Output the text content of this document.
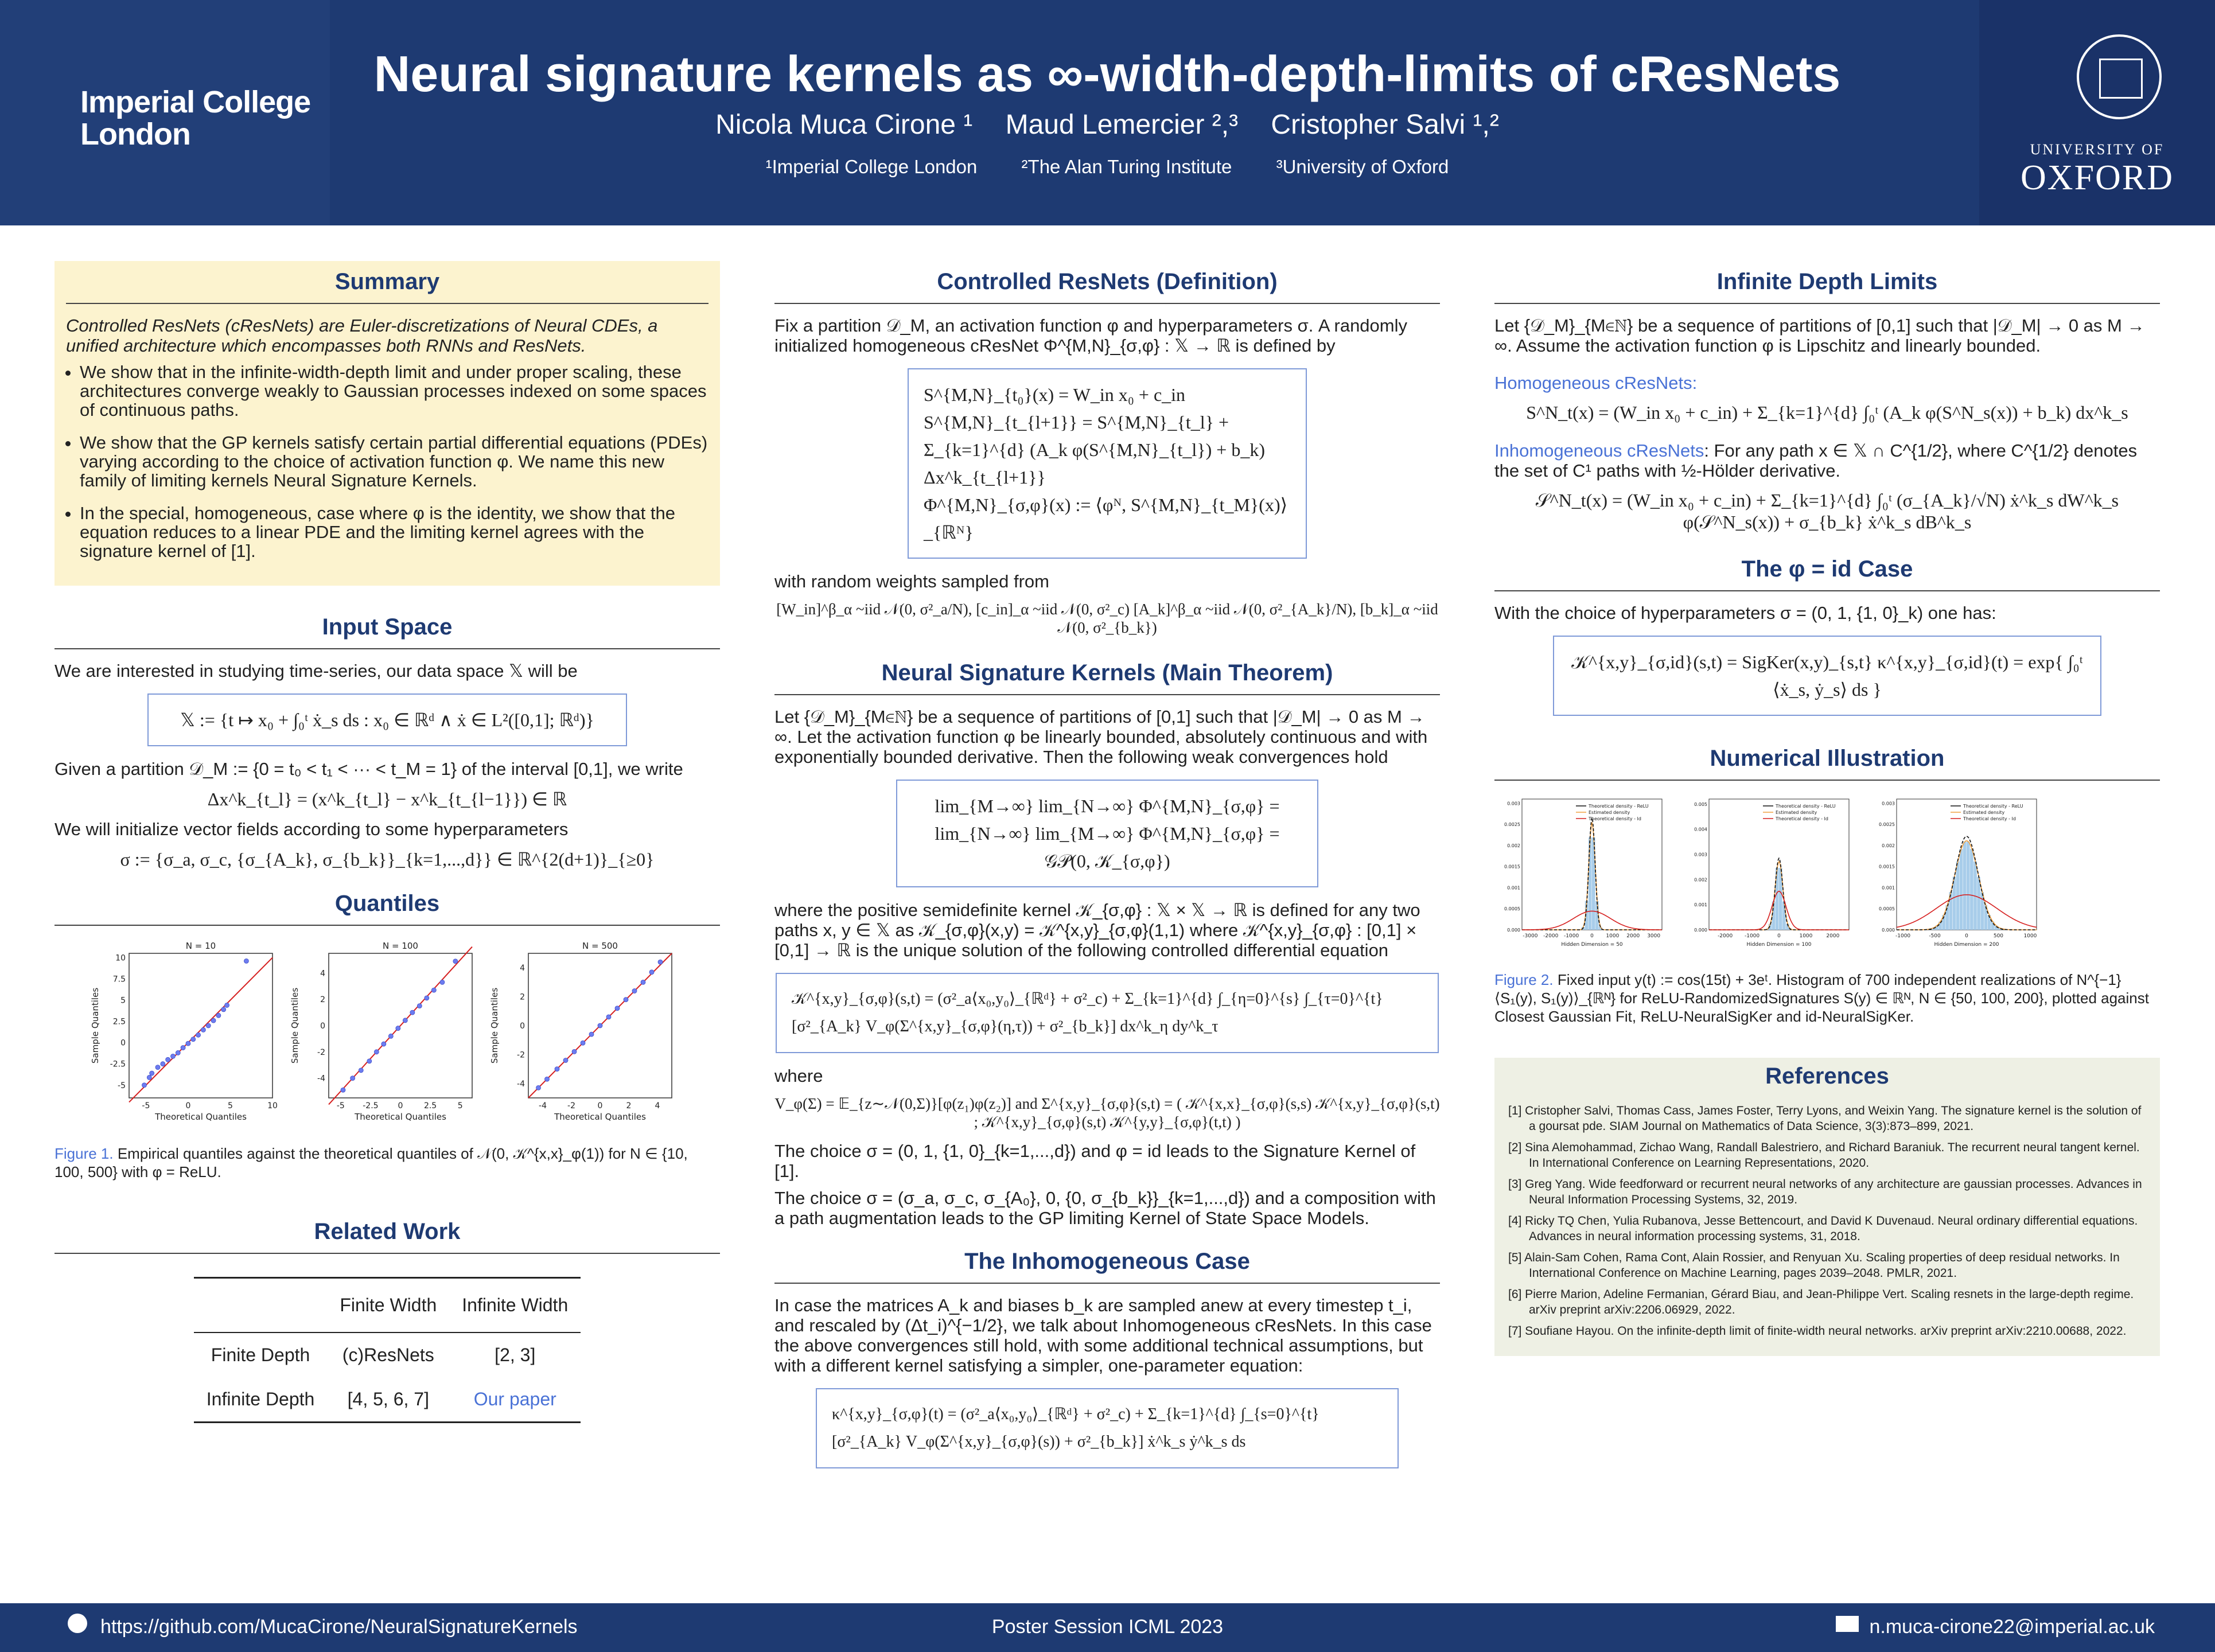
Imperial College
London
Neural signature kernels as ∞-width-depth-limits of cResNets
Nicola Muca Cirone ¹ Maud Lemercier ²,³ Cristopher Salvi ¹,²
¹Imperial College London ²The Alan Turing Institute ³University of Oxford
UNIVERSITY OF
OXFORD
Summary

Controlled ResNets (cResNets) are Euler-discretizations of Neural CDEs, a unified architecture which encompasses both RNNs and ResNets.

• We show that in the infinite-width-depth limit and under proper scaling, these architectures converge weakly to Gaussian processes indexed on some spaces of continuous paths.
• We show that the GP kernels satisfy certain partial differential equations (PDEs) varying according to the choice of activation function φ. We name this new family of limiting kernels Neural Signature Kernels.
• In the special, homogeneous, case where φ is the identity, we show that the equation reduces to a linear PDE and the limiting kernel agrees with the signature kernel of [1].
Input Space

We are interested in studying time-series, our data space 𝕏 will be

𝕏 := {t ↦ x₀ + ∫₀ᵗ ẋ_s ds : x₀ ∈ ℝᵈ ∧ ẋ ∈ L²([0,1]; ℝᵈ)}

Given a partition 𝒟_M := {0 = t₀ < t₁ < ··· < t_M = 1} of the interval [0,1], we write

Δx^k_{t_l} = (x^k_{t_l} − x^k_{t_{l−1}}) ∈ ℝ

We will initialize vector fields according to some hyperparameters

σ := {σ_a, σ_c, {σ_{A_k}, σ_{b_k}}_{k=1,...,d}} ∈ ℝ^{2(d+1)}_{≥0}
Quantiles
N = 10
-5	0	5	10
-5
-2.5
0
2.5
5
7.5
10
Theoretical Quantiles
Sample Quantiles

N = 100
-5 -2.5 0	2.5	5
-4
-2
0
2
4
Theoretical Quantiles
Sample Quantiles

N = 500
-4	-2	0	2	4
-4
-2
0
2
4
Theoretical Quantiles
Sample Quantiles

Figure 1. Empirical quantiles against the theoretical quantiles of 𝒩(0, 𝒦^{x,x}_φ(1)) for N ∈ {10, 100, 500} with φ = ReLU.

Related Work
	Finite Width	Infinite Width
Finite Depth	(c)ResNets	[2, 3]
Infinite Depth	[4, 5, 6, 7]	Our paper
Controlled ResNets (Definition)

Fix a partition 𝒟_M, an activation function φ and hyperparameters σ. A randomly initialized homogeneous cResNet Φ^{M,N}_{σ,φ} : 𝕏 → ℝ is defined by

S^{M,N}_{t₀}(x) = W_in x₀ + c_in
S^{M,N}_{t_{l+1}} = S^{M,N}_{t_l} + Σ_{k=1}^{d} (A_k φ(S^{M,N}_{t_l}) + b_k) Δx^k_{t_{l+1}}
Φ^{M,N}_{σ,φ}(x) := ⟨φᴺ, S^{M,N}_{t_M}(x)⟩_{ℝᴺ}

with random weights sampled from

[W_in]^β_α ~iid 𝒩(0, σ²_a/N), [c_in]_α ~iid 𝒩(0, σ²_c) [A_k]^β_α ~iid 𝒩(0, σ²_{A_k}/N), [b_k]_α ~iid 𝒩(0, σ²_{b_k})
Neural Signature Kernels (Main Theorem)

Let {𝒟_M}_{M∈ℕ} be a sequence of partitions of [0,1] such that |𝒟_M| → 0 as M → ∞. Let the activation function φ be linearly bounded, absolutely continuous and with exponentially bounded derivative. Then the following weak convergences hold

lim_{M→∞} lim_{N→∞} Φ^{M,N}_{σ,φ} = lim_{N→∞} lim_{M→∞} Φ^{M,N}_{σ,φ} = 𝒢𝒫(0, 𝒦_{σ,φ})

where the positive semidefinite kernel 𝒦_{σ,φ} : 𝕏 × 𝕏 → ℝ is defined for any two paths x, y ∈ 𝕏 as 𝒦_{σ,φ}(x,y) = 𝒦^{x,y}_{σ,φ}(1,1) where 𝒦^{x,y}_{σ,φ} : [0,1] × [0,1] → ℝ is the unique solution of the following controlled differential equation

𝒦^{x,y}_{σ,φ}(s,t) = (σ²_a⟨x₀,y₀⟩_{ℝᵈ} + σ²_c) + Σ_{k=1}^{d} ∫_{η=0}^{s} ∫_{τ=0}^{t} [σ²_{A_k} V_φ(Σ^{x,y}_{σ,φ}(η,τ)) + σ²_{b_k}] dx^k_η dy^k_τ

where

V_φ(Σ) = 𝔼_{z∼𝒩(0,Σ)}[φ(z₁)φ(z₂)] and Σ^{x,y}_{σ,φ}(s,t) = ( 𝒦^{x,x}_{σ,φ}(s,s) 𝒦^{x,y}_{σ,φ}(s,t) ; 𝒦^{x,y}_{σ,φ}(s,t) 𝒦^{y,y}_{σ,φ}(t,t) )

The choice σ = (0, 1, {1, 0}_{k=1,...,d}) and φ = id leads to the Signature Kernel of [1].

The choice σ = (σ_a, σ_c, σ_{A₀}, 0, {0, σ_{b_k}}_{k=1,...,d}) and a composition with a path augmentation leads to the GP limiting Kernel of State Space Models.

The Inhomogeneous Case

In case the matrices A_k and biases b_k are sampled anew at every timestep t_i, and rescaled by (Δt_i)^{−1/2}, we talk about Inhomogeneous cResNets. In this case the above convergences still hold, with some additional technical assumptions, but with a different kernel satisfying a simpler, one-parameter equation:

κ^{x,y}_{σ,φ}(t) = (σ²_a⟨x₀,y₀⟩_{ℝᵈ} + σ²_c) + Σ_{k=1}^{d} ∫_{s=0}^{t} [σ²_{A_k} V_φ(Σ^{x,y}_{σ,φ}(s)) + σ²_{b_k}] ẋ^k_s ẏ^k_s ds
Infinite Depth Limits

Let {𝒟_M}_{M∈ℕ} be a sequence of partitions of [0,1] such that |𝒟_M| → 0 as M → ∞. Assume the activation function φ is Lipschitz and linearly bounded.

Homogeneous cResNets:

S^N_t(x) = (W_in x₀ + c_in) + Σ_{k=1}^{d} ∫₀ᵗ (A_k φ(S^N_s(x)) + b_k) dx^k_s

Inhomogeneous cResNets: For any path x ∈ 𝕏 ∩ C^{1/2}, where C^{1/2} denotes the set of C¹ paths with ½-Hölder derivative.

𝒮^N_t(x) = (W_in x₀ + c_in) + Σ_{k=1}^{d} ∫₀ᵗ (σ_{A_k}/√N) ẋ^k_s dW^k_s φ(𝒮^N_s(x)) + σ_{b_k} ẋ^k_s dB^k_s
The φ = id Case

With the choice of hyperparameters σ = (0, 1, {1, 0}_k) one has:

𝒦^{x,y}_{σ,id}(s,t) = SigKer(x,y)_{s,t} κ^{x,y}_{σ,id}(t) = exp{ ∫₀ᵗ ⟨ẋ_s, ẏ_s⟩ ds }
Numerical Illustration
-3000 -2000 -1000 0 1000 2000 3000
0.000
0.0005
0.001
0.0015
0.002
0.0025
0.003
Hidden Dimension = 50
Theoretical density - ReLU
Estimated density
Theoretical density - Id

-2000 -1000	0	1000	2000
0.000
0.001
0.002
0.003
0.004
0.005
Hidden Dimension = 100
Theoretical density - ReLU
Estimated density
Theoretical density - Id

-1000	-500	0	500	1000
0.000
0.0005
0.001
0.0015
0.002
0.0025
0.003
Hidden Dimension = 200
Theoretical density - ReLU
Estimated density
Theoretical density - Id

Figure 2. Fixed input y(t) := cos(15t) + 3eᵗ. Histogram of 700 independent realizations of N^{−1}⟨S₁(y), S₁(y)⟩_{ℝᴺ} for ReLU-RandomizedSignatures S(y) ∈ ℝᴺ, N ∈ {50, 100, 200}, plotted against Closest Gaussian Fit, ReLU-NeuralSigKer and id-NeuralSigKer.

References
[1] Cristopher Salvi, Thomas Cass, James Foster, Terry Lyons, and Weixin Yang. The signature kernel is the solution of a goursat pde. SIAM Journal on Mathematics of Data Science, 3(3):873–899, 2021.
[2] Sina Alemohammad, Zichao Wang, Randall Balestriero, and Richard Baraniuk. The recurrent neural tangent kernel. In International Conference on Learning Representations, 2020.
[3] Greg Yang. Wide feedforward or recurrent neural networks of any architecture are gaussian processes. Advances in Neural Information Processing Systems, 32, 2019.
[4] Ricky TQ Chen, Yulia Rubanova, Jesse Bettencourt, and David K Duvenaud. Neural ordinary differential equations. Advances in neural information processing systems, 31, 2018.
[5] Alain-Sam Cohen, Rama Cont, Alain Rossier, and Renyuan Xu. Scaling properties of deep residual networks. In International Conference on Machine Learning, pages 2039–2048. PMLR, 2021.
[6] Pierre Marion, Adeline Fermanian, Gérard Biau, and Jean-Philippe Vert. Scaling resnets in the large-depth regime. arXiv preprint arXiv:2206.06929, 2022.
[7] Soufiane Hayou. On the infinite-depth limit of finite-width neural networks. arXiv preprint arXiv:2210.00688, 2022.
https://github.com/MucaCirone/NeuralSignatureKernels	Poster Session ICML 2023	n.muca-cirone22@imperial.ac.uk
